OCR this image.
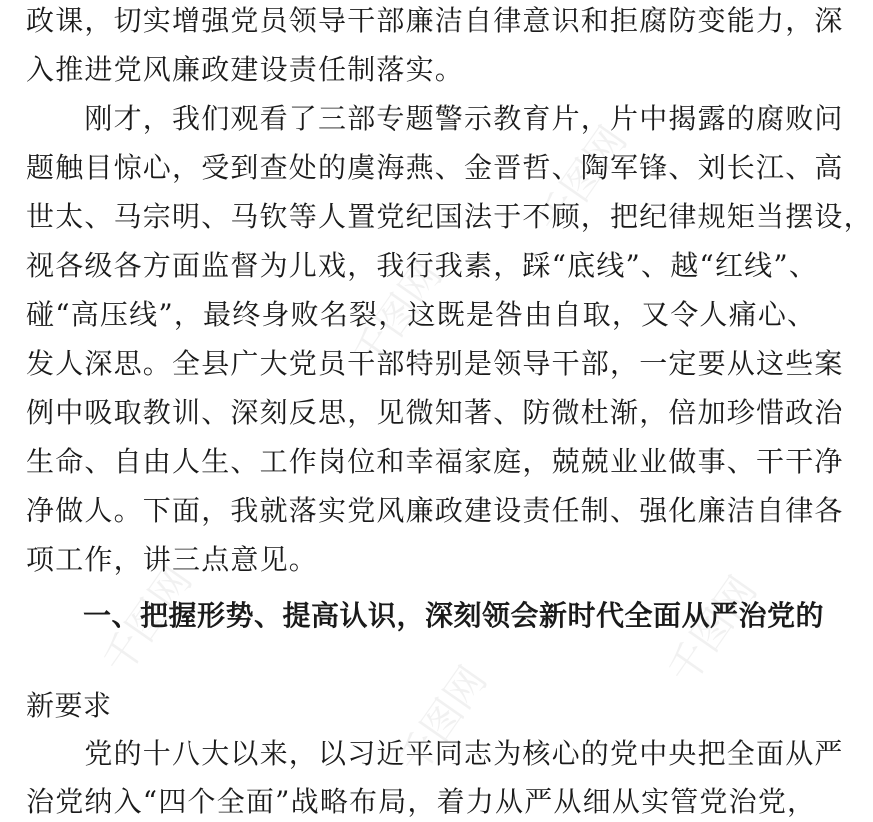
政课，切实增强党员领导干部廉洁自律意识和拒腐防变能力，深
入推进党风廉政建设责任制落实。
　　刚才，我们观看了三部专题警示教育片，片中揭露的腐败问
题触目惊心，受到查处的虞海燕、金晋哲、陶军锋、刘长江、高
世太、马宗明、马钦等人置党纪国法于不顾，把纪律规矩当摆设，
视各级各方面监督为儿戏，我行我素，踩“底线”、越“红线”、
碰“高压线”，最终身败名裂，这既是咎由自取，又令人痛心、
发人深思。全县广大党员干部特别是领导干部，一定要从这些案
例中吸取教训、深刻反思，见微知著、防微杜渐，倍加珍惜政治
生命、自由人生、工作岗位和幸福家庭，兢兢业业做事、干干净
净做人。下面，我就落实党风廉政建设责任制、强化廉洁自律各
项工作，讲三点意见。
　　一、把握形势、提高认识，深刻领会新时代全面从严治党的
新要求
　　党的十八大以来，以习近平同志为核心的党中央把全面从严
治党纳入“四个全面”战略布局，着力从严从细从实管党治党，
千图网
千图网
千图网
千图网
千图网
